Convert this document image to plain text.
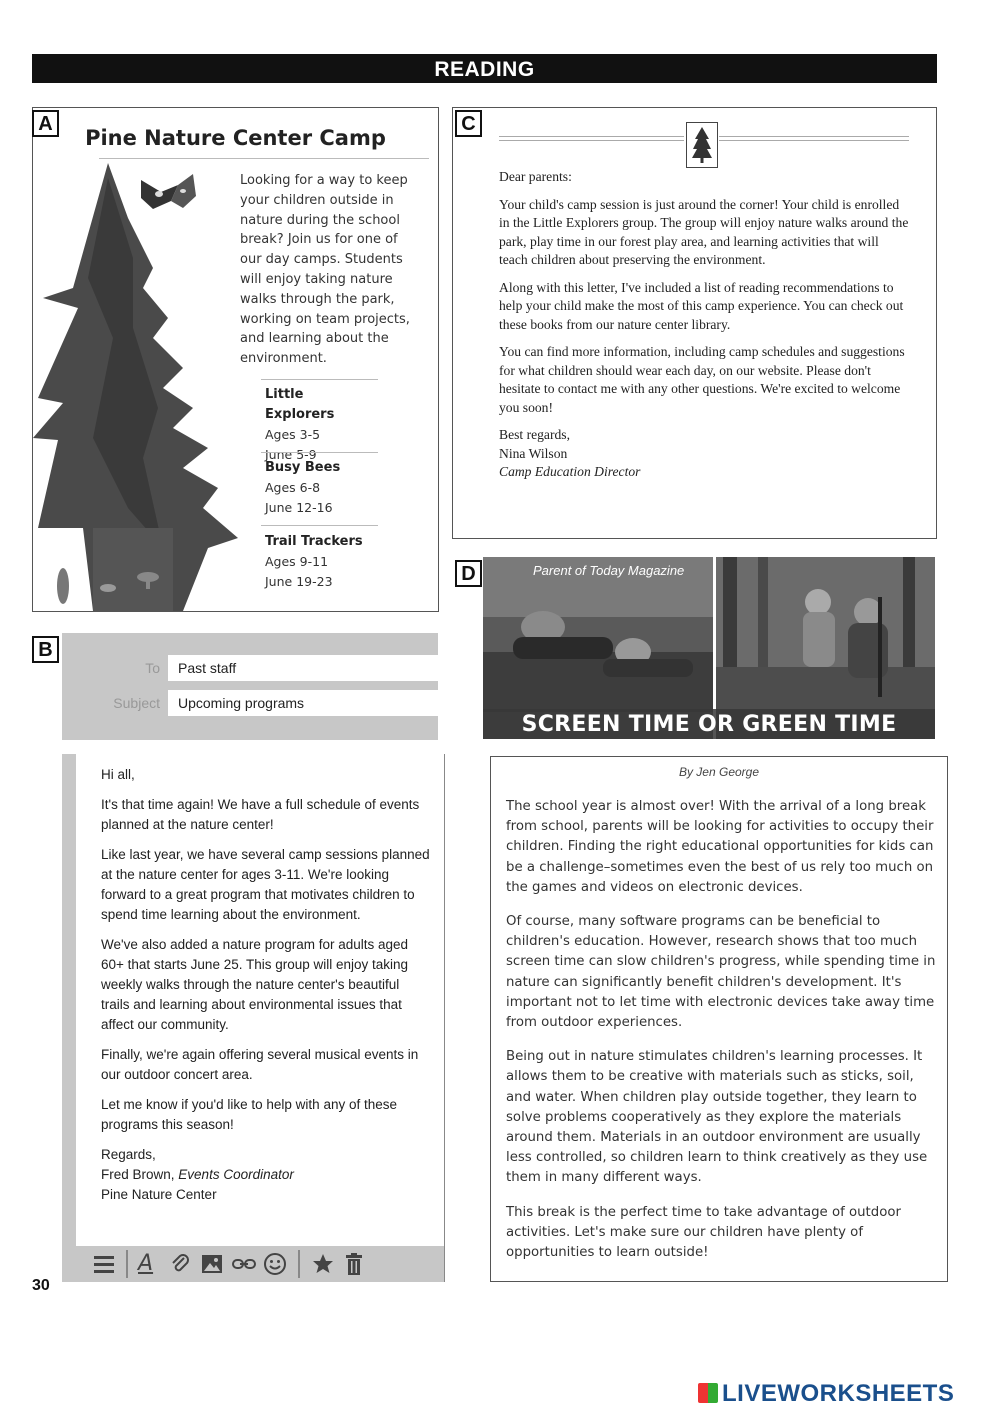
READING
Pine Nature Center Camp
Looking for a way to keep your children outside in nature during the school break? Join us for one of our day camps. Students will enjoy taking nature walks through the park, working on team projects, and learning about the environment.
Little Explorers
Ages 3-5
June 5-9
Busy Bees
Ages 6-8
June 12-16
Trail Trackers
Ages 9-11
June 19-23
A

Dear parents:

Your child's camp session is just around the corner! Your child is enrolled in the Little Explorers group. The group will enjoy nature walks around the park, play time in our forest play area, and learning activities that will teach children about preserving the environment.

Along with this letter, I've included a list of reading recommendations to help your child make the most of this camp experience. You can check out these books from our nature center library.

You can find more information, including camp schedules and suggestions for what children should wear each day, on our website. Please don't hesitate to contact me with any other questions. We're excited to welcome you soon!

Best regards,
Nina Wilson
Camp Education Director
C
Parent of Today Magazine
SCREEN TIME OR GREEN TIME
D
By Jen George

The school year is almost over! With the arrival of a long break from school, parents will be looking for activities to occupy their children. Finding the right educational opportunities for kids can be a challenge–sometimes even the best of us rely too much on the games and videos on electronic devices.

Of course, many software programs can be beneficial to children's education. However, research shows that too much screen time can slow children's progress, while spending time in nature can significantly benefit children's development. It's important not to let time with electronic devices take away time from outdoor experiences.

Being out in nature stimulates children's learning processes. It allows them to be creative with materials such as sticks, soil, and water. When children play outside together, they learn to solve problems cooperatively as they explore the materials around them. Materials in an outdoor environment are usually less controlled, so children learn to think creatively as they use them in many different ways.

This break is the perfect time to take advantage of outdoor activities. Let's make sure our children have plenty of opportunities to learn outside!

To	Past staff
Subject	Upcoming programs
B

Hi all,

It's that time again! We have a full schedule of events planned at the nature center!

Like last year, we have several camp sessions planned at the nature center for ages 3-11. We're looking forward to a great program that motivates children to spend time learning about the environment.

We've also added a nature program for adults aged 60+ that starts June 25. This group will enjoy taking weekly walks through the nature center's beautiful trails and learning about environmental issues that affect our community.

Finally, we're again offering several musical events in our outdoor concert area.

Let me know if you'd like to help with any of these programs this season!

Regards,
Fred Brown, Events Coordinator
Pine Nature Center
A
30
LIVEWORKSHEETS
